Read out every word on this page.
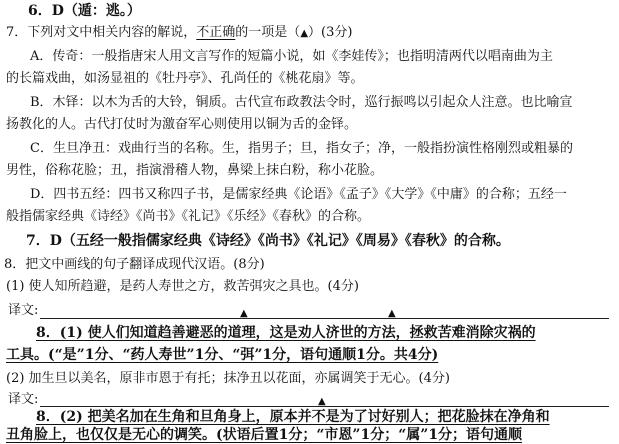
6．D（遁：逃。）
7．下列对文中相关内容的解说，不正确的一项是（▲）(3分)
A．传奇：一般指唐宋人用文言写作的短篇小说，如《李娃传》；也指明清两代以唱南曲为主
的长篇戏曲，如汤显祖的《牡丹亭》、孔尚任的《桃花扇》等。
B．木铎：以木为舌的大铃，铜质。古代宣布政教法令时，巡行振鸣以引起众人注意。也比喻宣
扬教化的人。古代打仗时为激奋军心则使用以铜为舌的金铎。
C．生旦净丑：戏曲行当的名称。生，指男子；旦，指女子；净，一般指扮演性格刚烈或粗暴的
男性，俗称花脸；丑，指演滑稽人物，鼻梁上抹白粉，称小花脸。
D．四书五经：四书又称四子书，是儒家经典《论语》《孟子》《大学》《中庸》的合称；五经一
般指儒家经典《诗经》《尚书》《礼记》《乐经》《春秋》的合称。
7．D（五经一般指儒家经典《诗经》《尚书》《礼记》《周易》《春秋》的合称。
8．把文中画线的句子翻译成现代汉语。(8分)
(1) 使人知所趋避，是药人寿世之方，救苦弭灾之具也。(4分)
译文:	▲	▲
8．(1) 使人们知道趋善避恶的道理，这是劝人济世的方法，拯救苦难消除灾祸的
工具。(“是”1分、“药人寿世”1分、“弭”1分，语句通顺1分。共4分)
(2) 加生旦以美名，原非市恩于有托；抹净丑以花面，亦属调笑于无心。(4分)
译文:	▲
8．(2) 把美名加在生角和旦角身上，原本并不是为了讨好别人；把花脸抹在净角和
丑角脸上，也仅仅是无心的调笑。(状语后置1分；“市恩”1分；“属”1分；语句通顺
